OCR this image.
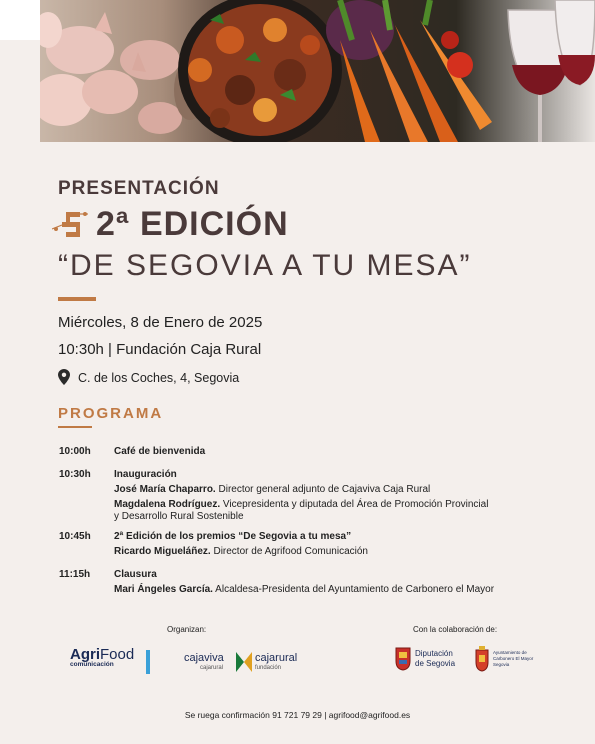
PRESENTACIÓN
2ª EDICIÓN
“DE SEGOVIA A TU MESA”
Miércoles, 8 de Enero de 2025
10:30h | Fundación Caja Rural
C. de los Coches, 4, Segovia
PROGRAMA
10:00h Café de bienvenida
10:30h Inauguración
José María Chaparro. Director general adjunto de Cajaviva Caja Rural
Magdalena Rodríguez. Vicepresidenta y diputada del Área de Promoción Provincial
y Desarrollo Rural Sostenible
10:45h 2ª Edición de los premios “De Segovia a tu mesa”
Ricardo Migueláñez. Director de Agrifood Comunicación
11:15h Clausura
Mari Ángeles García. Alcaldesa-Presidenta del Ayuntamiento de Carbonero el Mayor
Organizan:	Con la colaboración de:
AgriFood
comunicación
cajaviva
cajarural
cajarural
fundación
Diputación
de Segovia
Ayuntamiento de
Carbonero El Mayor
Segovia
Se ruega confirmación 91 721 79 29 | agrifood@agrifood.es
